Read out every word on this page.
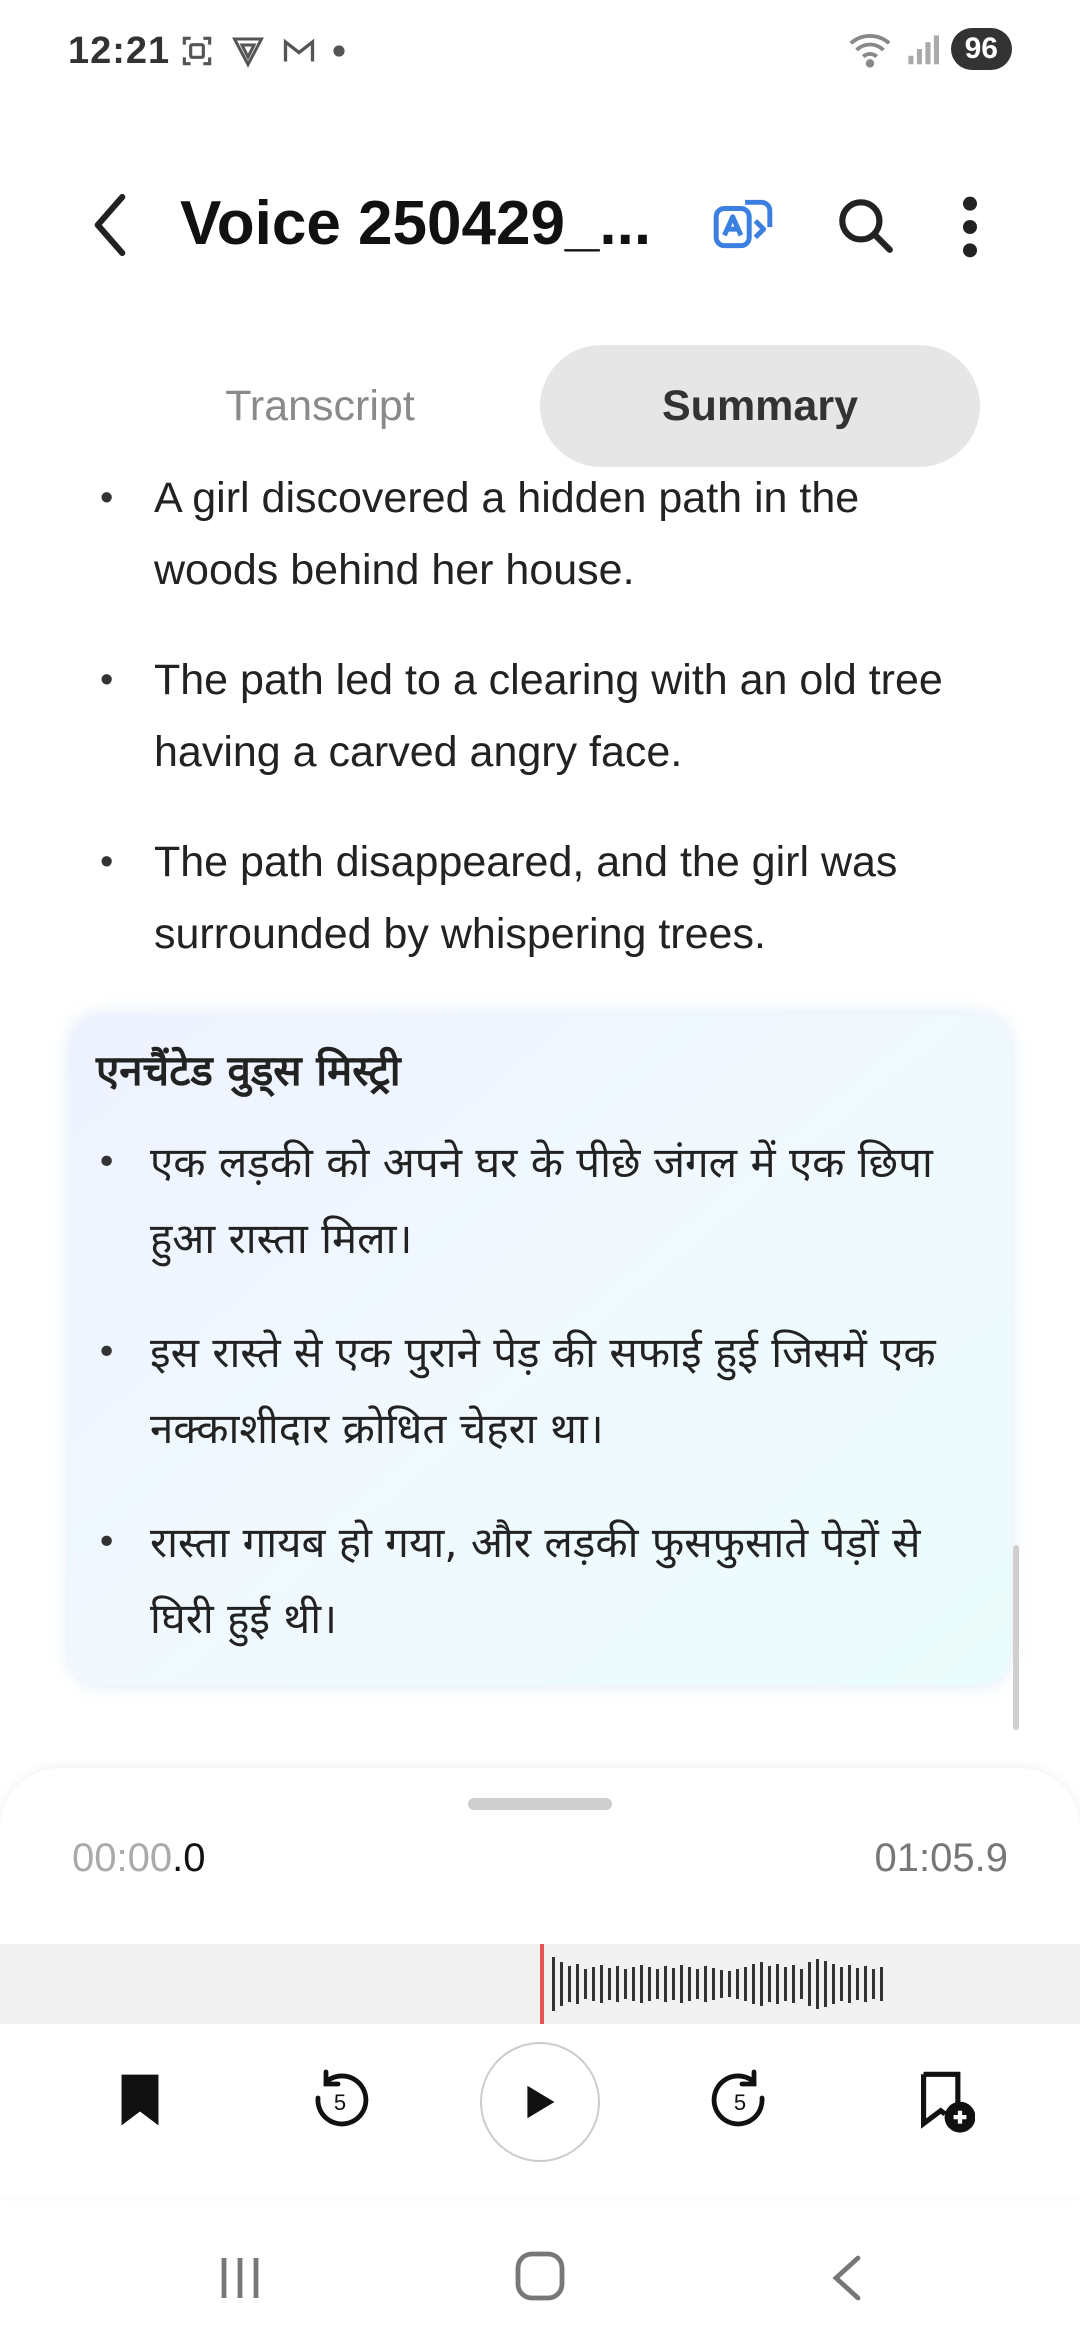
12:21	96
Voice 250429_...
Transcript	Summary
• A girl discovered a hidden path in the woods behind her house.
• The path led to a clearing with an old tree having a carved angry face.
• The path disappeared, and the girl was surrounded by whispering trees.
एनचैंटेड वुड्स मिस्ट्री
• एक लड़की को अपने घर के पीछे जंगल में एक छिपा हुआ रास्ता मिला।
• इस रास्ते से एक पुराने पेड़ की सफाई हुई जिसमें एक नक्काशीदार क्रोधित चेहरा था।
• रास्ता गायब हो गया, और लड़की फुसफुसाते पेड़ों से घिरी हुई थी।
00:00.0	01:05.9
5	5
